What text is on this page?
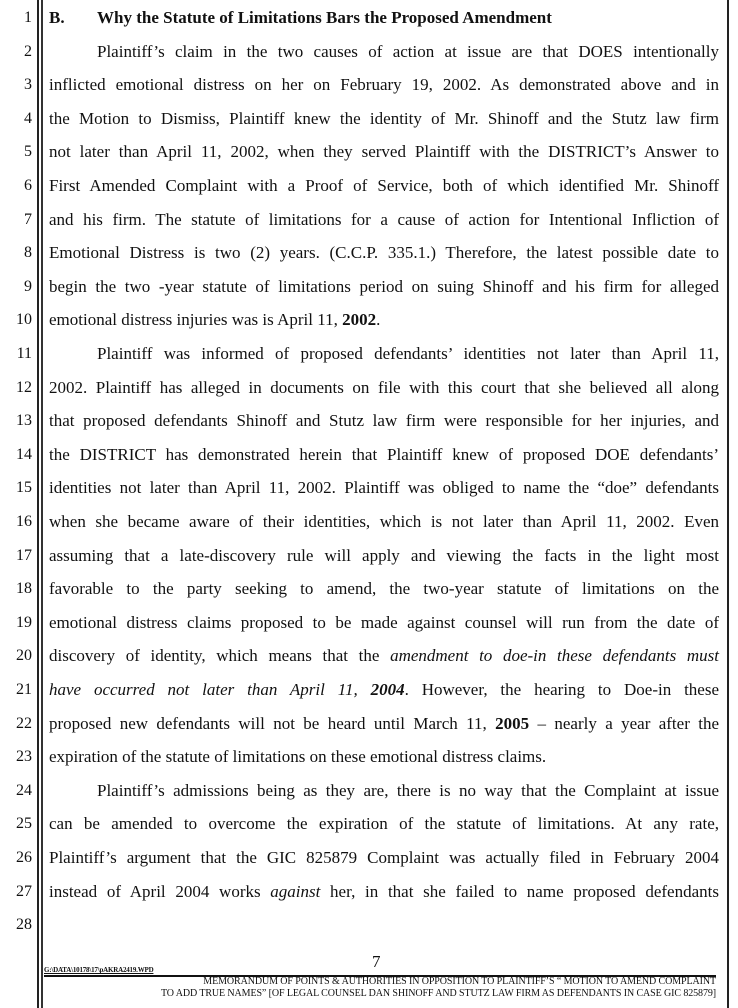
1
2
3
4
5
6
7
8
9
10
11
12
13
14
15
16
17
18
19
20
21
22
23
24
25
26
27
28
B. Why the Statute of Limitations Bars the Proposed Amendment
Plaintiff’s claim in the two causes of action at issue are that DOES intentionally
inflicted emotional distress on her on February 19, 2002. As demonstrated above and in
the Motion to Dismiss, Plaintiff knew the identity of Mr. Shinoff and the Stutz law firm
not later than April 11, 2002, when they served Plaintiff with the DISTRICT’s Answer to
First Amended Complaint with a Proof of Service, both of which identified Mr. Shinoff
and his firm. The statute of limitations for a cause of action for Intentional Infliction of
Emotional Distress is two (2) years. (C.C.P. 335.1.) Therefore, the latest possible date to
begin the two -year statute of limitations period on suing Shinoff and his firm for alleged
emotional distress injuries was is April 11, 2002.
Plaintiff was informed of proposed defendants’ identities not later than April 11,
2002. Plaintiff has alleged in documents on file with this court that she believed all along
that proposed defendants Shinoff and Stutz law firm were responsible for her injuries, and
the DISTRICT has demonstrated herein that Plaintiff knew of proposed DOE defendants’
identities not later than April 11, 2002. Plaintiff was obliged to name the “doe” defendants
when she became aware of their identities, which is not later than April 11, 2002. Even
assuming that a late-discovery rule will apply and viewing the facts in the light most
favorable to the party seeking to amend, the two-year statute of limitations on the
emotional distress claims proposed to be made against counsel will run from the date of
discovery of identity, which means that the amendment to doe-in these defendants must
have occurred not later than April 11, 2004. However, the hearing to Doe-in these
proposed new defendants will not be heard until March 11, 2005 – nearly a year after the
expiration of the statute of limitations on these emotional distress claims.
Plaintiff’s admissions being as they are, there is no way that the Complaint at issue
can be amended to overcome the expiration of the statute of limitations. At any rate,
Plaintiff’s argument that the GIC 825879 Complaint was actually filed in February 2004
instead of April 2004 works against her, in that she failed to name proposed defendants
G:\DATA\10178\17\pAKRA2419.WPD	7
MEMORANDUM OF POINTS & AUTHORITIES IN OPPOSITION TO PLAINTIFF’S “ MOTION TO AMEND COMPLAINT
TO ADD TRUE NAMES” [OF LEGAL COUNSEL DAN SHINOFF AND STUTZ LAW FIRM AS DEFENDANTS IN CASE GIC 825879]
